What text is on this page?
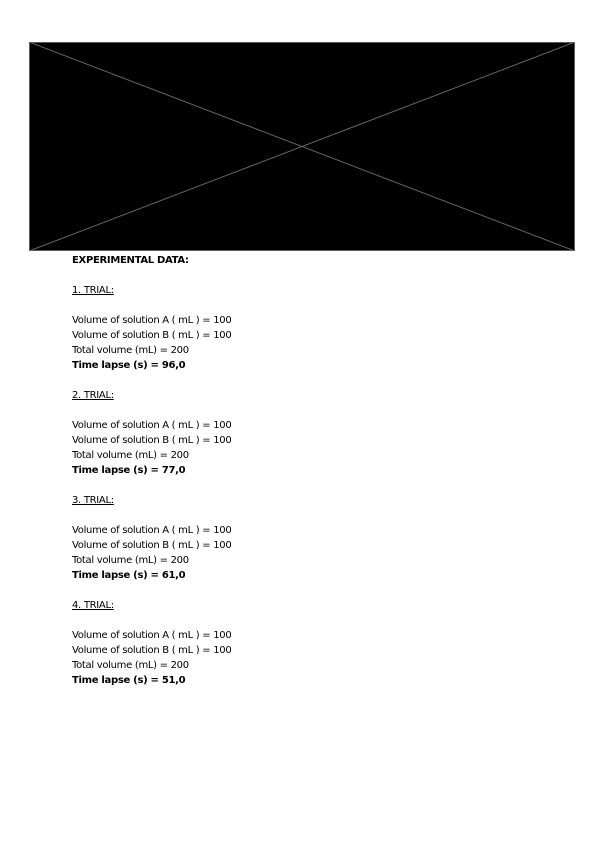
EXPERIMENTAL DATA:
1. TRIAL:
Volume of solution A ( mL ) = 100
Volume of solution B ( mL ) = 100
Total volume (mL) = 200
Time lapse (s) = 96,0
2. TRIAL:
Volume of solution A ( mL ) = 100
Volume of solution B ( mL ) = 100
Total volume (mL) = 200
Time lapse (s) = 77,0
3. TRIAL:
Volume of solution A ( mL ) = 100
Volume of solution B ( mL ) = 100
Total volume (mL) = 200
Time lapse (s) = 61,0
4. TRIAL:
Volume of solution A ( mL ) = 100
Volume of solution B ( mL ) = 100
Total volume (mL) = 200
Time lapse (s) = 51,0
